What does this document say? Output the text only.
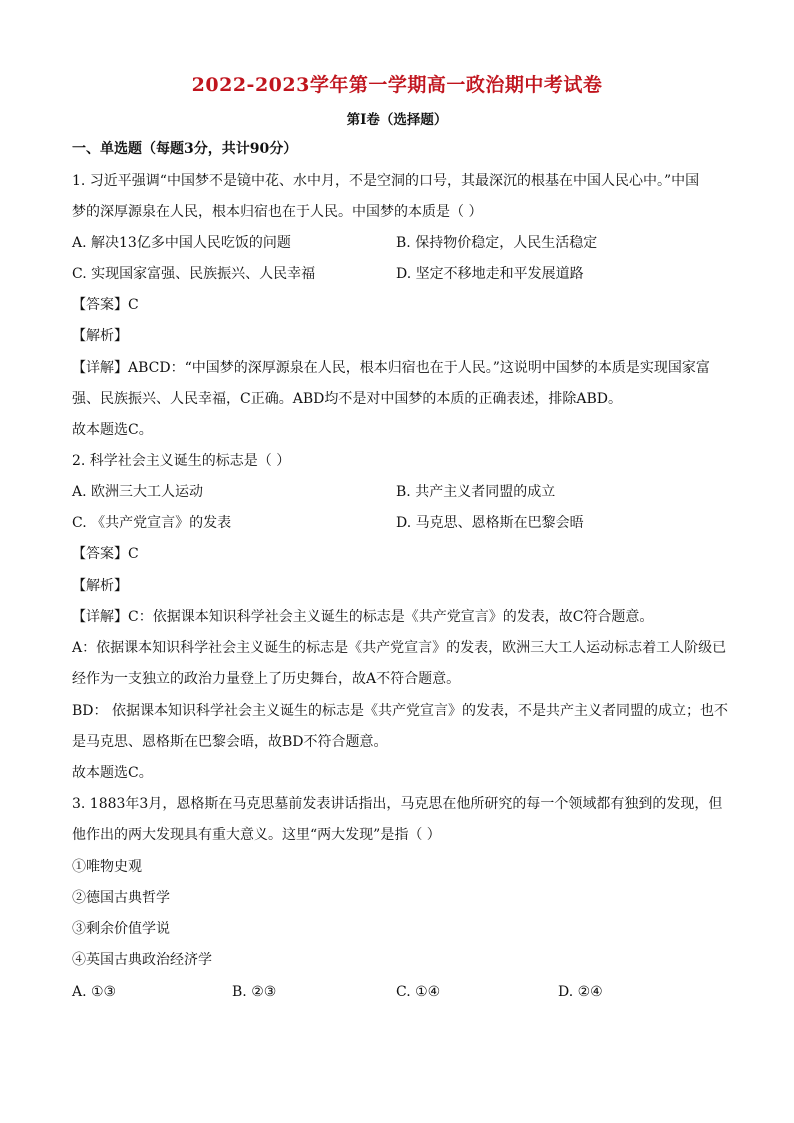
2022-2023学年第一学期高一政治期中考试卷
第I卷（选择题）
一、单选题（每题3分，共计90分）
1. 习近平强调“中国梦不是镜中花、水中月，不是空洞的口号，其最深沉的根基在中国人民心中。”中国
梦的深厚源泉在人民，根本归宿也在于人民。中国梦的本质是（ ）
A. 解决13亿多中国人民吃饭的问题	B. 保持物价稳定，人民生活稳定
C. 实现国家富强、民族振兴、人民幸福	D. 坚定不移地走和平发展道路
【答案】C
【解析】
【详解】ABCD：“中国梦的深厚源泉在人民，根本归宿也在于人民。”这说明中国梦的本质是实现国家富
强、民族振兴、人民幸福，C正确。ABD均不是对中国梦的本质的正确表述，排除ABD。
故本题选C。
2. 科学社会主义诞生的标志是（ ）
A. 欧洲三大工人运动	B. 共产主义者同盟的成立
C. 《共产党宣言》的发表	D. 马克思、恩格斯在巴黎会晤
【答案】C
【解析】
【详解】C：依据课本知识科学社会主义诞生的标志是《共产党宣言》的发表，故C符合题意。
A：依据课本知识科学社会主义诞生的标志是《共产党宣言》的发表，欧洲三大工人运动标志着工人阶级已
经作为一支独立的政治力量登上了历史舞台，故A不符合题意。
BD： 依据课本知识科学社会主义诞生的标志是《共产党宣言》的发表，不是共产主义者同盟的成立；也不
是马克思、恩格斯在巴黎会晤，故BD不符合题意。
故本题选C。
3. 1883年3月，恩格斯在马克思墓前发表讲话指出，马克思在他所研究的每一个领域都有独到的发现，但
他作出的两大发现具有重大意义。这里“两大发现”是指（ ）
①唯物史观
②德国古典哲学
③剩余价值学说
④英国古典政治经济学
A. ①③	B. ②③	C. ①④	D. ②④
